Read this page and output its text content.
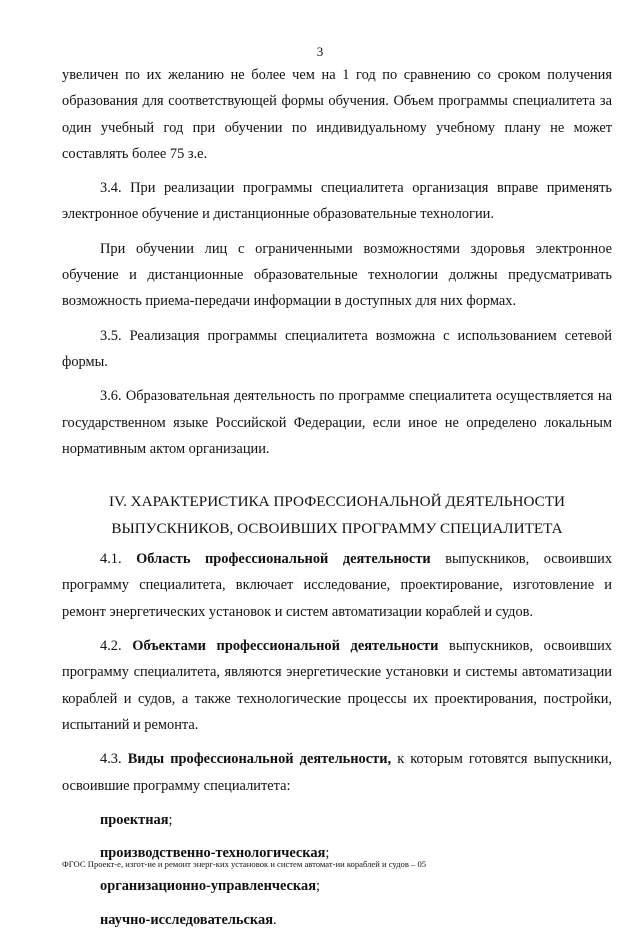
3

увеличен по их желанию не более чем на 1 год по сравнению со сроком получения образования для соответствующей формы обучения. Объем программы специалитета за один учебный год при обучении по индивидуальному учебному плану не может составлять более 75 з.е.

3.4. При реализации программы специалитета организация вправе применять электронное обучение и дистанционные образовательные технологии.

При обучении лиц с ограниченными возможностями здоровья электронное обучение и дистанционные образовательные технологии должны предусматривать возможность приема-передачи информации в доступных для них формах.

3.5. Реализация программы специалитета возможна с использованием сетевой формы.

3.6. Образовательная деятельность по программе специалитета осуществляется на государственном языке Российской Федерации, если иное не определено локальным нормативным актом организации.

IV. ХАРАКТЕРИСТИКА ПРОФЕССИОНАЛЬНОЙ ДЕЯТЕЛЬНОСТИ
ВЫПУСКНИКОВ, ОСВОИВШИХ ПРОГРАММУ СПЕЦИАЛИТЕТА

4.1. Область профессиональной деятельности выпускников, освоивших программу специалитета, включает исследование, проектирование, изготовление и ремонт энергетических установок и систем автоматизации кораблей и судов.

4.2. Объектами профессиональной деятельности выпускников, освоивших программу специалитета, являются энергетические установки и системы автоматизации кораблей и судов, а также технологические процессы их проектирования, постройки, испытаний и ремонта.

4.3. Виды профессиональной деятельности, к которым готовятся выпускники, освоившие программу специалитета:

проектная;
производственно-технологическая;
организационно-управленческая;
научно-исследовательская.
ФГОС Проект-е, изгот-ие и ремонт энерг-ких установок и систем автомат-ии кораблей и судов – 05
